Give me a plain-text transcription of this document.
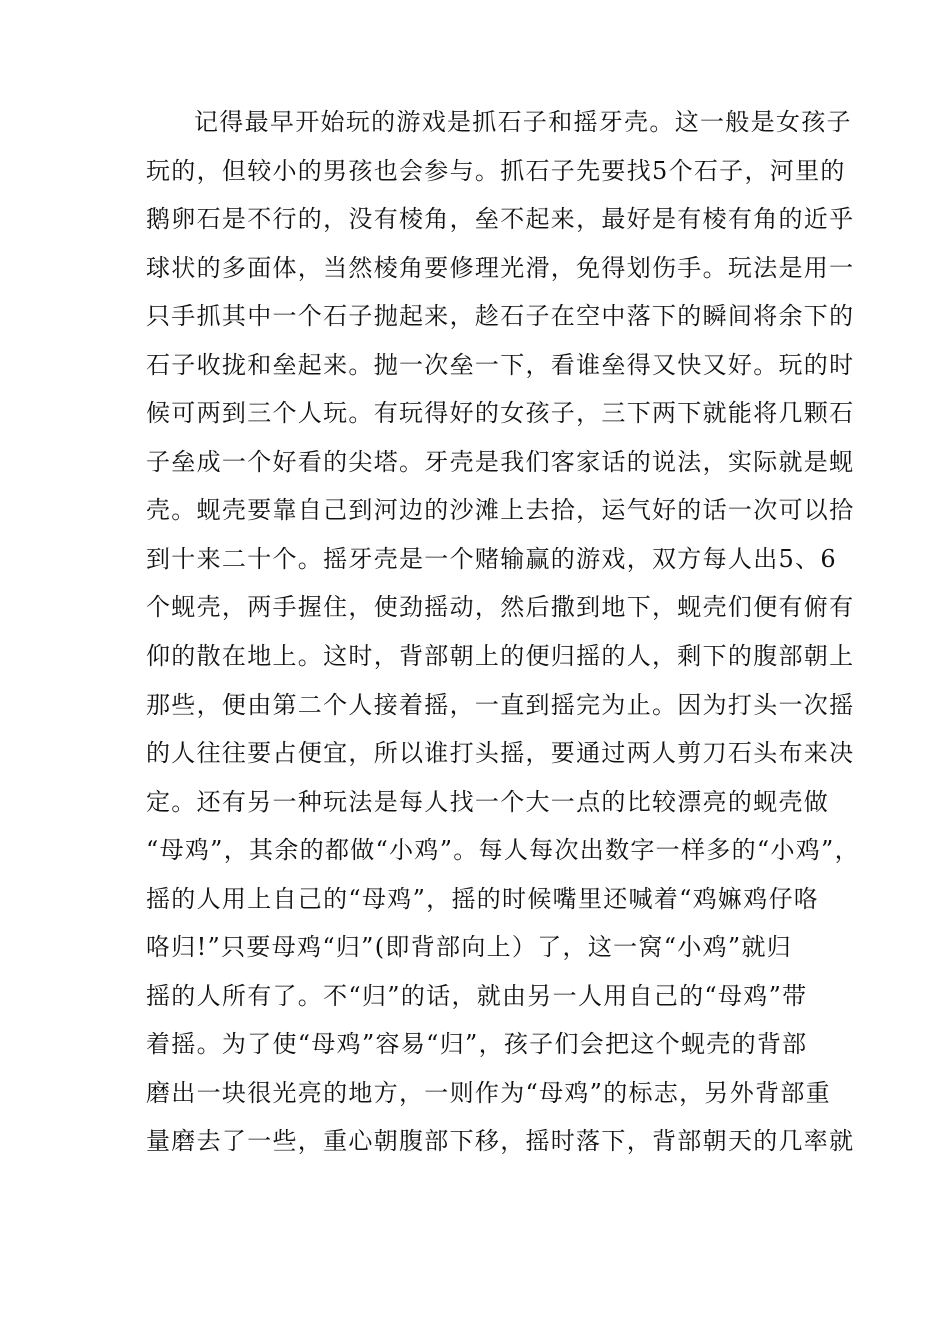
记得最早开始玩的游戏是抓石子和摇牙壳。这一般是女孩子
玩的，但较小的男孩也会参与。抓石子先要找5个石子，河里的
鹅卵石是不行的，没有棱角，垒不起来，最好是有棱有角的近乎
球状的多面体，当然棱角要修理光滑，免得划伤手。玩法是用一
只手抓其中一个石子抛起来，趁石子在空中落下的瞬间将余下的
石子收拢和垒起来。抛一次垒一下，看谁垒得又快又好。玩的时
候可两到三个人玩。有玩得好的女孩子，三下两下就能将几颗石
子垒成一个好看的尖塔。牙壳是我们客家话的说法，实际就是蚬
壳。蚬壳要靠自己到河边的沙滩上去拾，运气好的话一次可以拾
到十来二十个。摇牙壳是一个赌输赢的游戏，双方每人出5、6
个蚬壳，两手握住，使劲摇动，然后撒到地下，蚬壳们便有俯有
仰的散在地上。这时，背部朝上的便归摇的人，剩下的腹部朝上
那些，便由第二个人接着摇，一直到摇完为止。因为打头一次摇
的人往往要占便宜，所以谁打头摇，要通过两人剪刀石头布来决
定。还有另一种玩法是每人找一个大一点的比较漂亮的蚬壳做
“母鸡”，其余的都做“小鸡”。每人每次出数字一样多的“小鸡”，
摇的人用上自己的“母鸡”，摇的时候嘴里还喊着“鸡嫲鸡仔咯
咯归!”只要母鸡“归”(即背部向上）了，这一窝“小鸡”就归
摇的人所有了。不“归”的话，就由另一人用自己的“母鸡”带
着摇。为了使“母鸡”容易“归”，孩子们会把这个蚬壳的背部
磨出一块很光亮的地方，一则作为“母鸡”的标志，另外背部重
量磨去了一些，重心朝腹部下移，摇时落下，背部朝天的几率就
